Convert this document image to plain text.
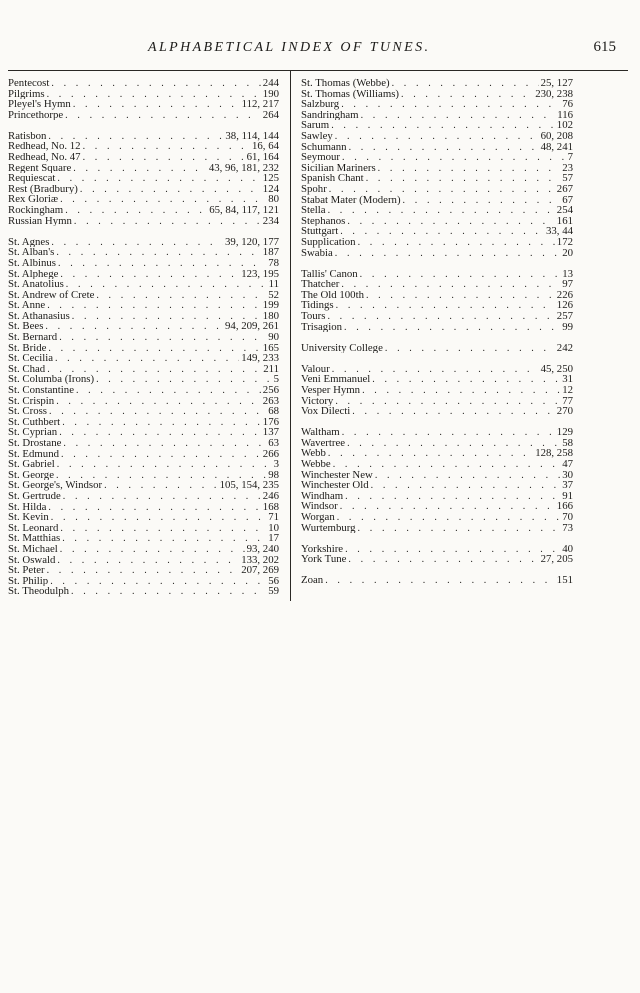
ALPHABETICAL INDEX OF TUNES.	615
Pentecost . . .	244
Pilgrims . . .	190
Pleyel's Hymn . . .	112, 217
Princethorpe . . .	264
Ratisbon . . .	38, 114, 144
Redhead, No. 12 . . .	16, 64
Redhead, No. 47 . . .	61, 164
Regent Square . . .	43, 96, 181, 232
Requiescat . . .	125
Rest (Bradbury) . . .	124
Rex Gloriæ . . .	80
Rockingham . . .	65, 84, 117, 121
Russian Hymn . . .	234
St. Agnes . . .	39, 120, 177
St. Alban's . . .	187
St. Albinus . . .	78
St. Alphege . . .	123, 195
St. Anatolius . . .	11
St. Andrew of Crete . . .	52
St. Anne . . .	199
St. Athanasius . . .	180
St. Bees . . .	94, 209, 261
St. Bernard . . .	90
St. Bride . . .	165
St. Cecilia . . .	149, 233
St. Chad . . .	211
St. Columba (Irons) . . .	5
St. Constantine . . .	256
St. Crispin . . .	263
St. Cross . . .	68
St. Cuthbert . . .	176
St. Cyprian . . .	137
St. Drostane . . .	63
St. Edmund . . .	266
St. Gabriel . . .	3
St. George . . .	98
St. George's, Windsor . . .	105, 154, 235
St. Gertrude . . .	246
St. Hilda . . .	168
St. Kevin . . .	71
St. Leonard . . .	10
St. Matthias . . .	17
St. Michael . . .	93, 240
St. Oswald . . .	133, 202
St. Peter . . .	207, 269
St. Philip . . .	56
St. Theodulph . . .	59
St. Thomas (Webbe) . . .	25, 127
St. Thomas (Williams) . . .	230, 238
Salzburg . . .	76
Sandringham . . .	116
Sarum . . .	102
Sawley . . .	60, 208
Schumann . . .	48, 241
Seymour . . .	7
Sicilian Mariners . . .	23
Spanish Chant . . .	57
Spohr . . .	267
Stabat Mater (Modern) . . .	67
Stella . . .	254
Stephanos . . .	161
Stuttgart . . .	33, 44
Supplication . . .	172
Swabia . . .	20
Tallis' Canon . . .	13
Thatcher . . .	97
The Old 100th . . .	226
Tidings . . .	126
Tours . . .	257
Trisagion . . .	99
University College . . .	242
Valour . . .	45, 250
Veni Emmanuel . . .	31
Vesper Hymn . . .	12
Victory . . .	77
Vox Dilecti . . .	270
Waltham . . .	129
Wavertree . . .	58
Webb . . .	128, 258
Webbe . . .	47
Winchester New . . .	30
Winchester Old . . .	37
Windham . . .	91
Windsor . . .	166
Worgan . . .	70
Wurtemburg . . .	73
Yorkshire . . .	40
York Tune . . .	27, 205
Zoan . . .	151
